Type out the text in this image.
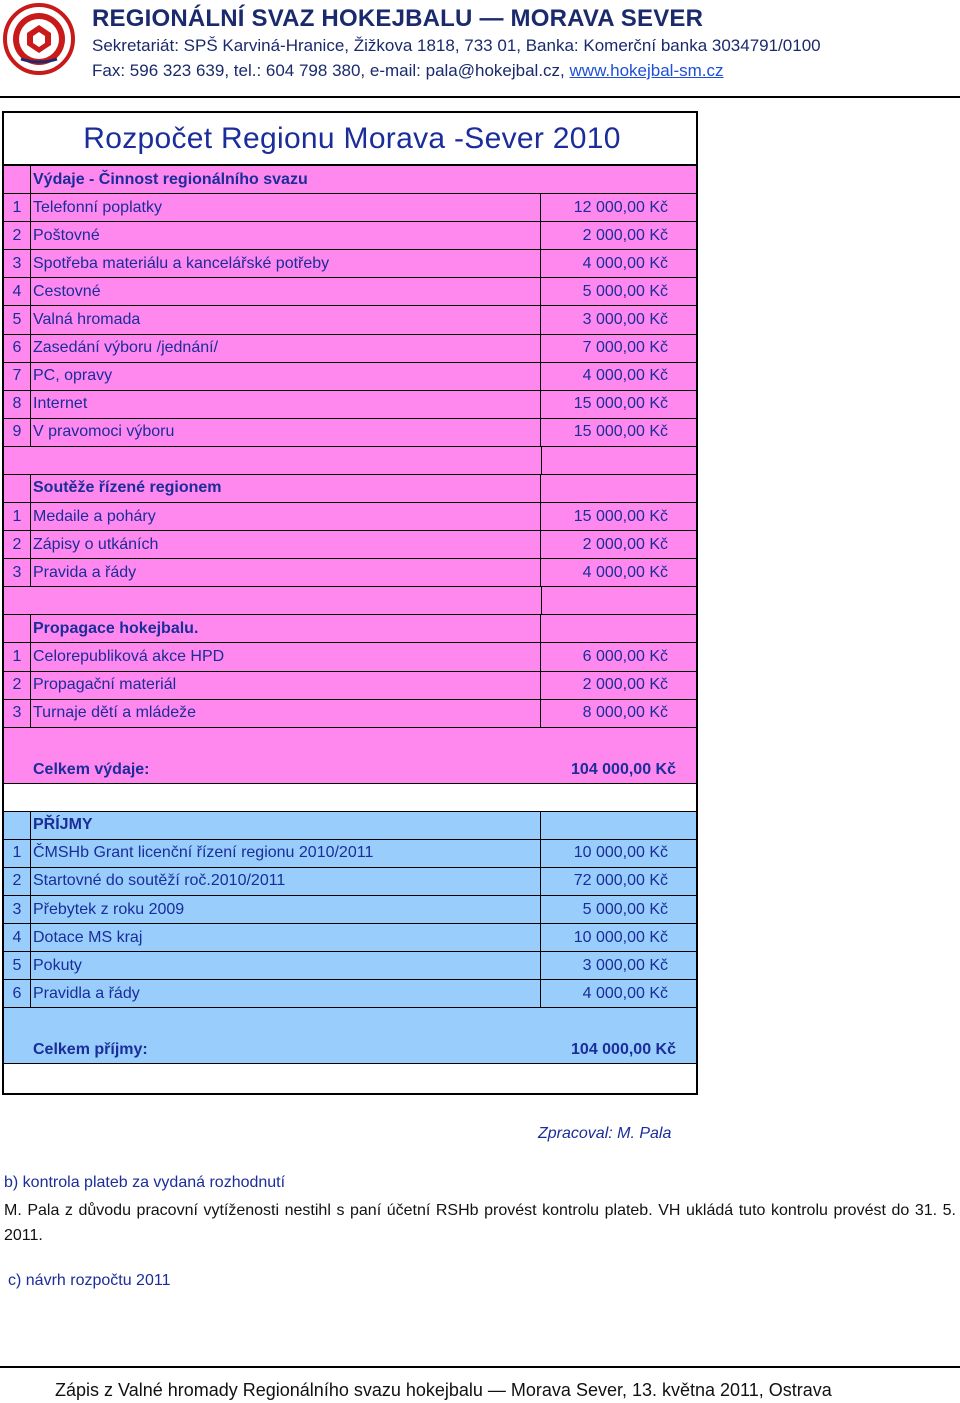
REGIONÁLNÍ SVAZ HOKEJBALU — MORAVA SEVER
Sekretariát: SPŠ Karviná-Hranice, Žižkova 1818, 733 01, Banka: Komerční banka 3034791/0100
Fax: 596 323 639, tel.: 604 798 380, e-mail: pala@hokejbal.cz, www.hokejbal-sm.cz
Rozpočet Regionu Morava -Sever 2010
Výdaje - Činnost regionálního svazu
1 Telefonní poplatky	12 000,00 Kč
2 Poštovné	2 000,00 Kč
3 Spotřeba materiálu a kancelářské potřeby	4 000,00 Kč
4 Cestovné	5 000,00 Kč
5 Valná hromada	3 000,00 Kč
6 Zasedání výboru /jednání/	7 000,00 Kč
7 PC, opravy	4 000,00 Kč
8 Internet	15 000,00 Kč
9 V pravomoci výboru	15 000,00 Kč
Soutěže řízené regionem
1 Medaile a poháry	15 000,00 Kč
2 Zápisy o utkáních	2 000,00 Kč
3 Pravida a řády	4 000,00 Kč
Propagace hokejbalu.
1 Celorepubliková akce HPD	6 000,00 Kč
2 Propagační materiál	2 000,00 Kč
3 Turnaje dětí a mládeže	8 000,00 Kč
Celkem výdaje:	104 000,00 Kč
PŘÍJMY
1 ČMSHb Grant licenční řízení regionu 2010/2011	10 000,00 Kč
2 Startovné do soutěží roč.2010/2011	72 000,00 Kč
3 Přebytek z roku 2009	5 000,00 Kč
4 Dotace MS kraj	10 000,00 Kč
5 Pokuty	3 000,00 Kč
6 Pravidla a řády	4 000,00 Kč
Celkem příjmy:	104 000,00 Kč
Zpracoval: M. Pala
b) kontrola plateb za vydaná rozhodnutí
M. Pala z důvodu pracovní vytíženosti nestihl s paní účetní RSHb provést kontrolu plateb. VH ukládá tuto kontrolu provést do 31. 5. 2011.
c) návrh rozpočtu 2011
Zápis z Valné hromady Regionálního svazu hokejbalu — Morava Sever, 13. května 2011, Ostrava
